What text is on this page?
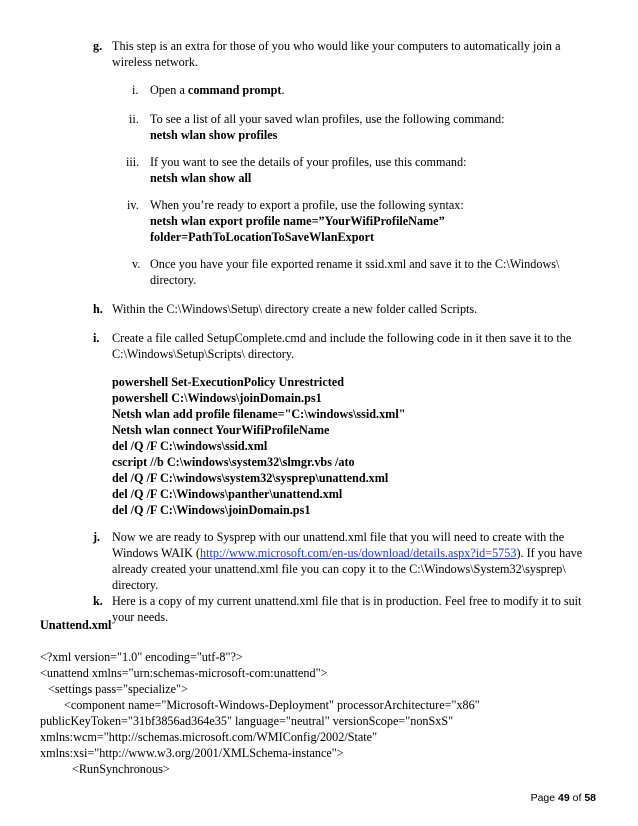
g. This step is an extra for those of you who would like your computers to automatically join a
wireless network.
i. Open a command prompt.
ii. To see a list of all your saved wlan profiles, use the following command:
netsh wlan show profiles
iii. If you want to see the details of your profiles, use this command:
netsh wlan show all
iv. When you’re ready to export a profile, use the following syntax:
netsh wlan export profile name=”YourWifiProfileName”
folder=PathToLocationToSaveWlanExport
v. Once you have your file exported rename it ssid.xml and save it to the C:\Windows\
directory.
h. Within the C:\Windows\Setup\ directory create a new folder called Scripts.
i. Create a file called SetupComplete.cmd and include the following code in it then save it to the
C:\Windows\Setup\Scripts\ directory.
powershell Set-ExecutionPolicy Unrestricted
powershell C:\Windows\joinDomain.ps1
Netsh wlan add profile filename="C:\windows\ssid.xml"
Netsh wlan connect YourWifiProfileName
del /Q /F C:\windows\ssid.xml
cscript //b C:\windows\system32\slmgr.vbs /ato
del /Q /F C:\windows\system32\sysprep\unattend.xml
del /Q /F C:\Windows\panther\unattend.xml
del /Q /F C:\Windows\joinDomain.ps1
j. Now we are ready to Sysprep with our unattend.xml file that you will need to create with the
Windows WAIK (http://www.microsoft.com/en-us/download/details.aspx?id=5753). If you have
already created your unattend.xml file you can copy it to the C:\Windows\System32\sysprep\
directory.
k. Here is a copy of my current unattend.xml file that is in production. Feel free to modify it to suit
your needs.
Unattend.xml
<?xml version="1.0" encoding="utf-8"?>
<unattend xmlns="urn:schemas-microsoft-com:unattend">
<settings pass="specialize">
<component name="Microsoft-Windows-Deployment" processorArchitecture="x86"
publicKeyToken="31bf3856ad364e35" language="neutral" versionScope="nonSxS"
xmlns:wcm="http://schemas.microsoft.com/WMIConfig/2002/State"
xmlns:xsi="http://www.w3.org/2001/XMLSchema-instance">
<RunSynchronous>
Page 49 of 58
